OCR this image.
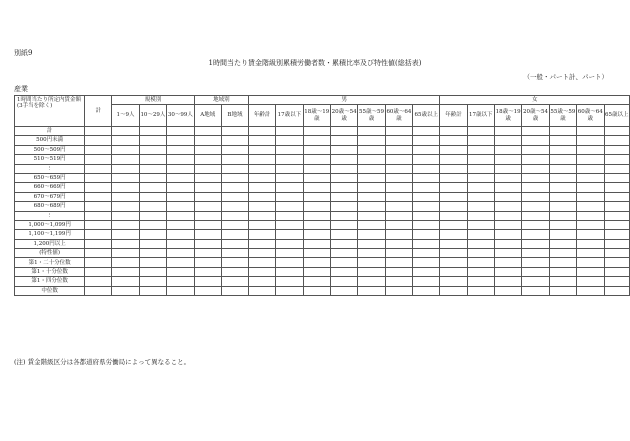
別紙9
1時間当たり賃金階級別累積労働者数・累積比率及び特性値(総括表)
（一般・パート計、パート）
産業
1時間当たり所定内賃金額(3手当を除く)	計	規模別			地域別		男							女						
		1〜9人	10〜29人	30〜99人	A地域	B地域	年齢計	17歳以下	18歳〜19歳	20歳〜54歳	55歳〜59歳	60歳〜64歳	65歳以上	年齢計	17歳以下	18歳〜19歳	20歳〜54歳	55歳〜59歳	60歳〜64歳	65歳以上
計																				
500円未満																				
500〜509円																				
510〜519円																				
⋮																				
650〜659円																				
660〜669円																				
670〜679円																				
680〜689円																				
⋮																				
1,000〜1,099円																				
1,100〜1,199円																				
1,200円以上																				
(特性値)																				
第1・二十分位数																				
第1・十分位数																				
第1・四分位数																				
中位数																				
(注) 賃金階級区分は各都道府県労働局によって異なること。
